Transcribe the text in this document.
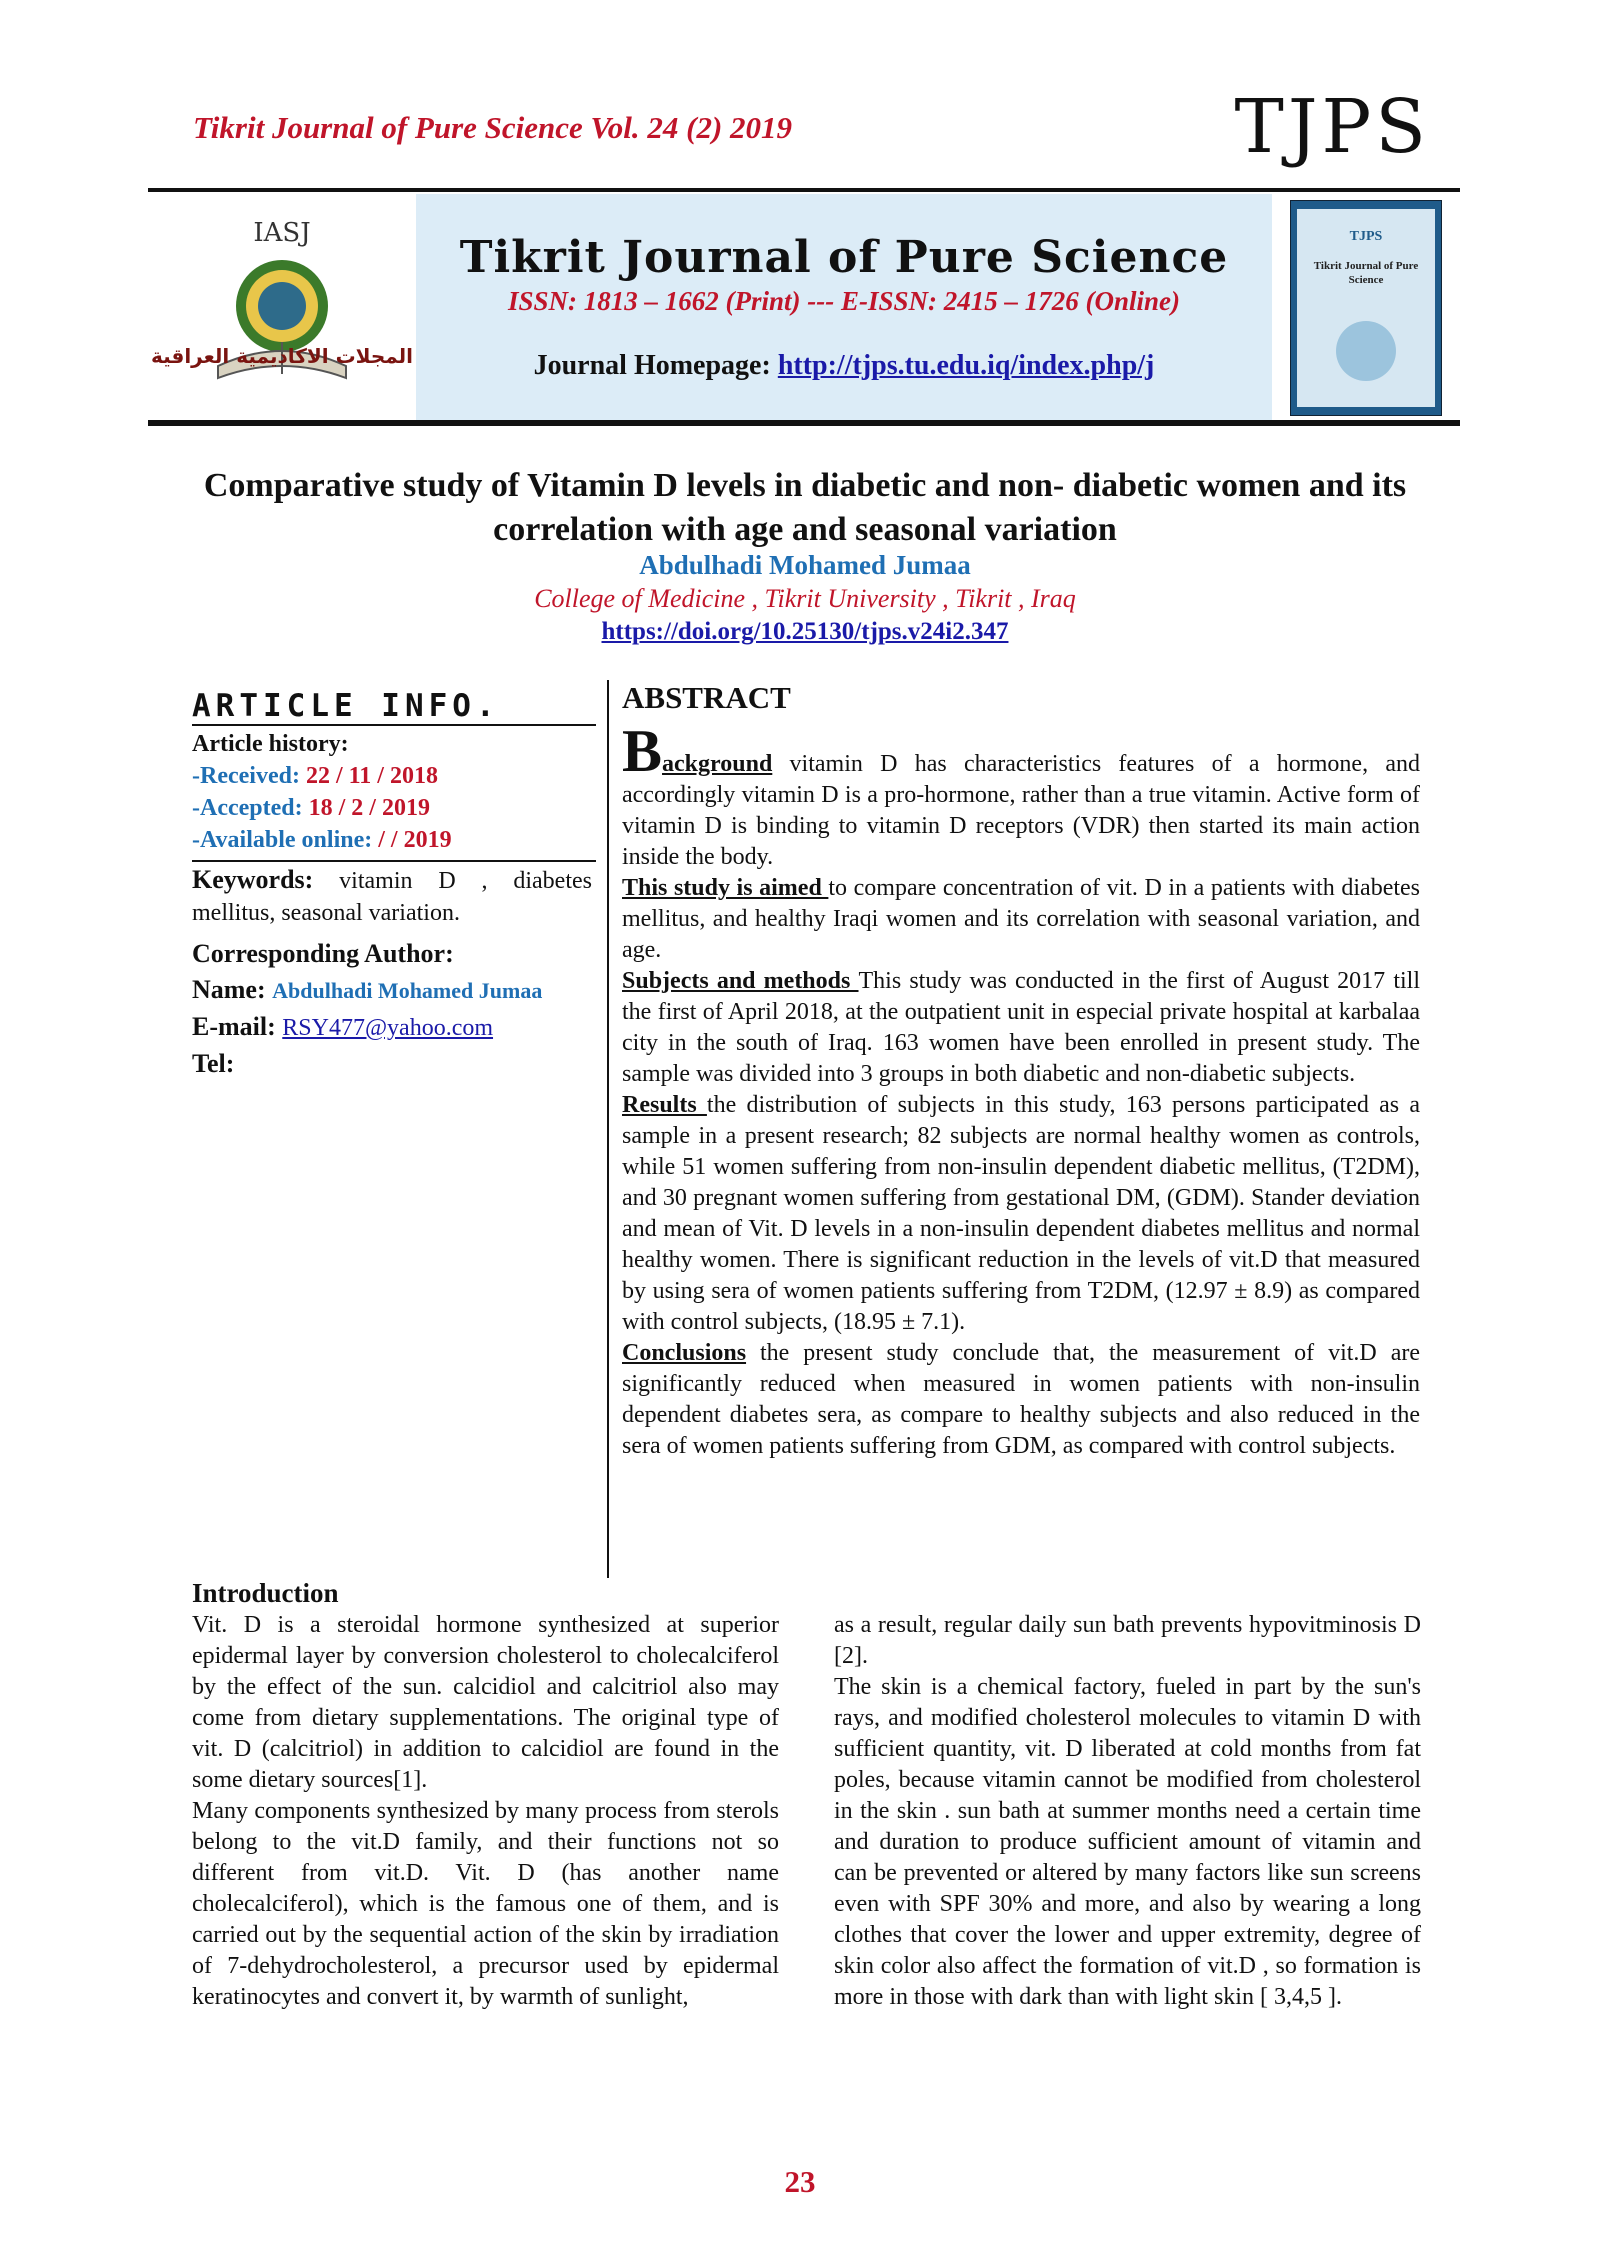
Tikrit Journal of Pure Science Vol. 24 (2) 2019	TJPS
IASJ
المجلات الاكاديمية العراقية
Tikrit Journal of Pure Science
ISSN: 1813 – 1662 (Print) --- E-ISSN: 2415 – 1726 (Online)
Journal Homepage: http://tjps.tu.edu.iq/index.php/j
TJPS
Tikrit Journal of Pure Science
Comparative study of Vitamin D levels in diabetic and non- diabetic women and its correlation with age and seasonal variation
Abdulhadi Mohamed Jumaa
College of Medicine , Tikrit University , Tikrit , Iraq
https://doi.org/10.25130/tjps.v24i2.347
ARTICLE INFO.
Article history:
-Received: 22 / 11 / 2018
-Accepted: 18 / 2 / 2019
-Available online: / / 2019
Keywords: vitamin D , diabetes mellitus, seasonal variation.
Corresponding Author:
Name: Abdulhadi Mohamed Jumaa
E-mail: RSY477@yahoo.com
Tel:
ABSTRACT
Background vitamin D has characteristics features of a hormone, and accordingly vitamin D is a pro-hormone, rather than a true vitamin. Active form of vitamin D is binding to vitamin D receptors (VDR) then started its main action inside the body.
This study is aimed to compare concentration of vit. D in a patients with diabetes mellitus, and healthy Iraqi women and its correlation with seasonal variation, and age.
Subjects and methods This study was conducted in the first of August 2017 till the first of April 2018, at the outpatient unit in especial private hospital at karbalaa city in the south of Iraq. 163 women have been enrolled in present study. The sample was divided into 3 groups in both diabetic and non-diabetic subjects.
Results the distribution of subjects in this study, 163 persons participated as a sample in a present research; 82 subjects are normal healthy women as controls, while 51 women suffering from non-insulin dependent diabetic mellitus, (T2DM), and 30 pregnant women suffering from gestational DM, (GDM). Stander deviation and mean of Vit. D levels in a non-insulin dependent diabetes mellitus and normal healthy women. There is significant reduction in the levels of vit.D that measured by using sera of women patients suffering from T2DM, (12.97 ± 8.9) as compared with control subjects, (18.95 ± 7.1).
Conclusions the present study conclude that, the measurement of vit.D are significantly reduced when measured in women patients with non-insulin dependent diabetes sera, as compare to healthy subjects and also reduced in the sera of women patients suffering from GDM, as compared with control subjects.
Introduction

Vit. D is a steroidal hormone synthesized at superior epidermal layer by conversion cholesterol to cholecalciferol by the effect of the sun. calcidiol and calcitriol also may come from dietary supplementations. The original type of vit. D (calcitriol) in addition to calcidiol are found in the some dietary sources[1].

Many components synthesized by many process from sterols belong to the vit.D family, and their functions not so different from vit.D. Vit. D (has another name cholecalciferol), which is the famous one of them, and is carried out by the sequential action of the skin by irradiation of 7-dehydrocholesterol, a precursor used by epidermal keratinocytes and convert it, by warmth of sunlight,

as a result, regular daily sun bath prevents hypovitminosis D [2].

The skin is a chemical factory, fueled in part by the sun's rays, and modified cholesterol molecules to vitamin D with sufficient quantity, vit. D liberated at cold months from fat poles, because vitamin cannot be modified from cholesterol in the skin . sun bath at summer months need a certain time and duration to produce sufficient amount of vitamin and can be prevented or altered by many factors like sun screens even with SPF 30% and more, and also by wearing a long clothes that cover the lower and upper extremity, degree of skin color also affect the formation of vit.D , so formation is more in those with dark than with light skin [ 3,4,5 ].

23
